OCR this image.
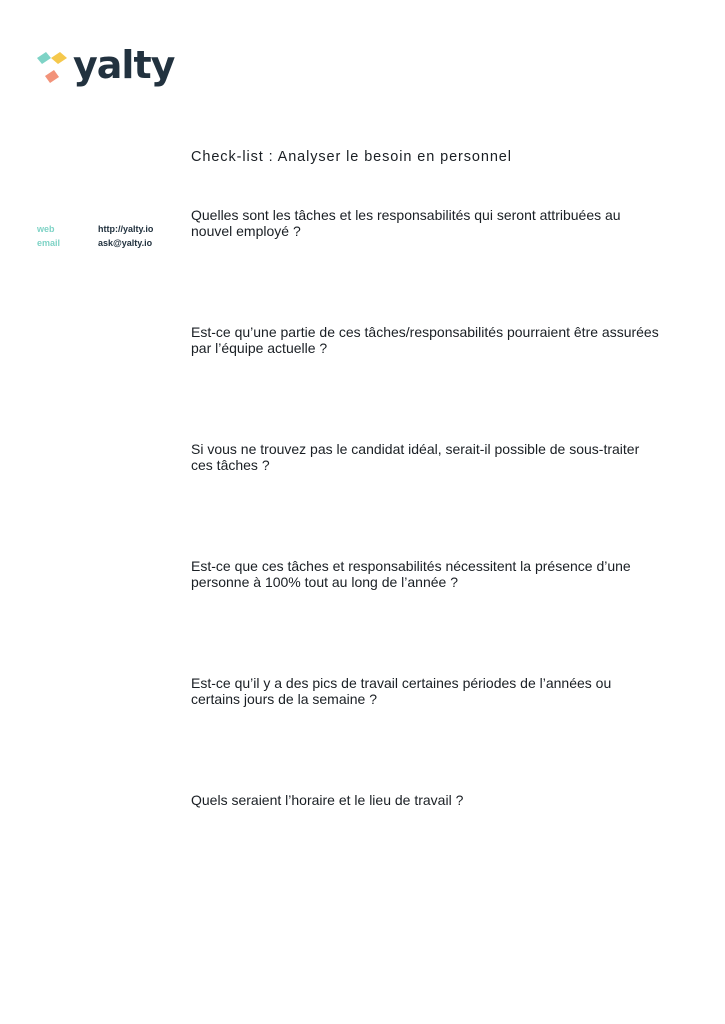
yalty
web	http://yalty.io
email	ask@yalty.io
Check-list : Analyser le besoin en personnel
Quelles sont les tâches et les responsabilités qui seront attribuées au nouvel employé ?
Est-ce qu’une partie de ces tâches/responsabilités pourraient être assurées par l’équipe actuelle ?
Si vous ne trouvez pas le candidat idéal, serait-il possible de sous-traiter ces tâches ?
Est-ce que ces tâches et responsabilités nécessitent la présence d’une personne à 100% tout au long de l’année ?
Est-ce qu’il y a des pics de travail certaines périodes de l’années ou certains jours de la semaine ?
Quels seraient l’horaire et le lieu de travail ?
